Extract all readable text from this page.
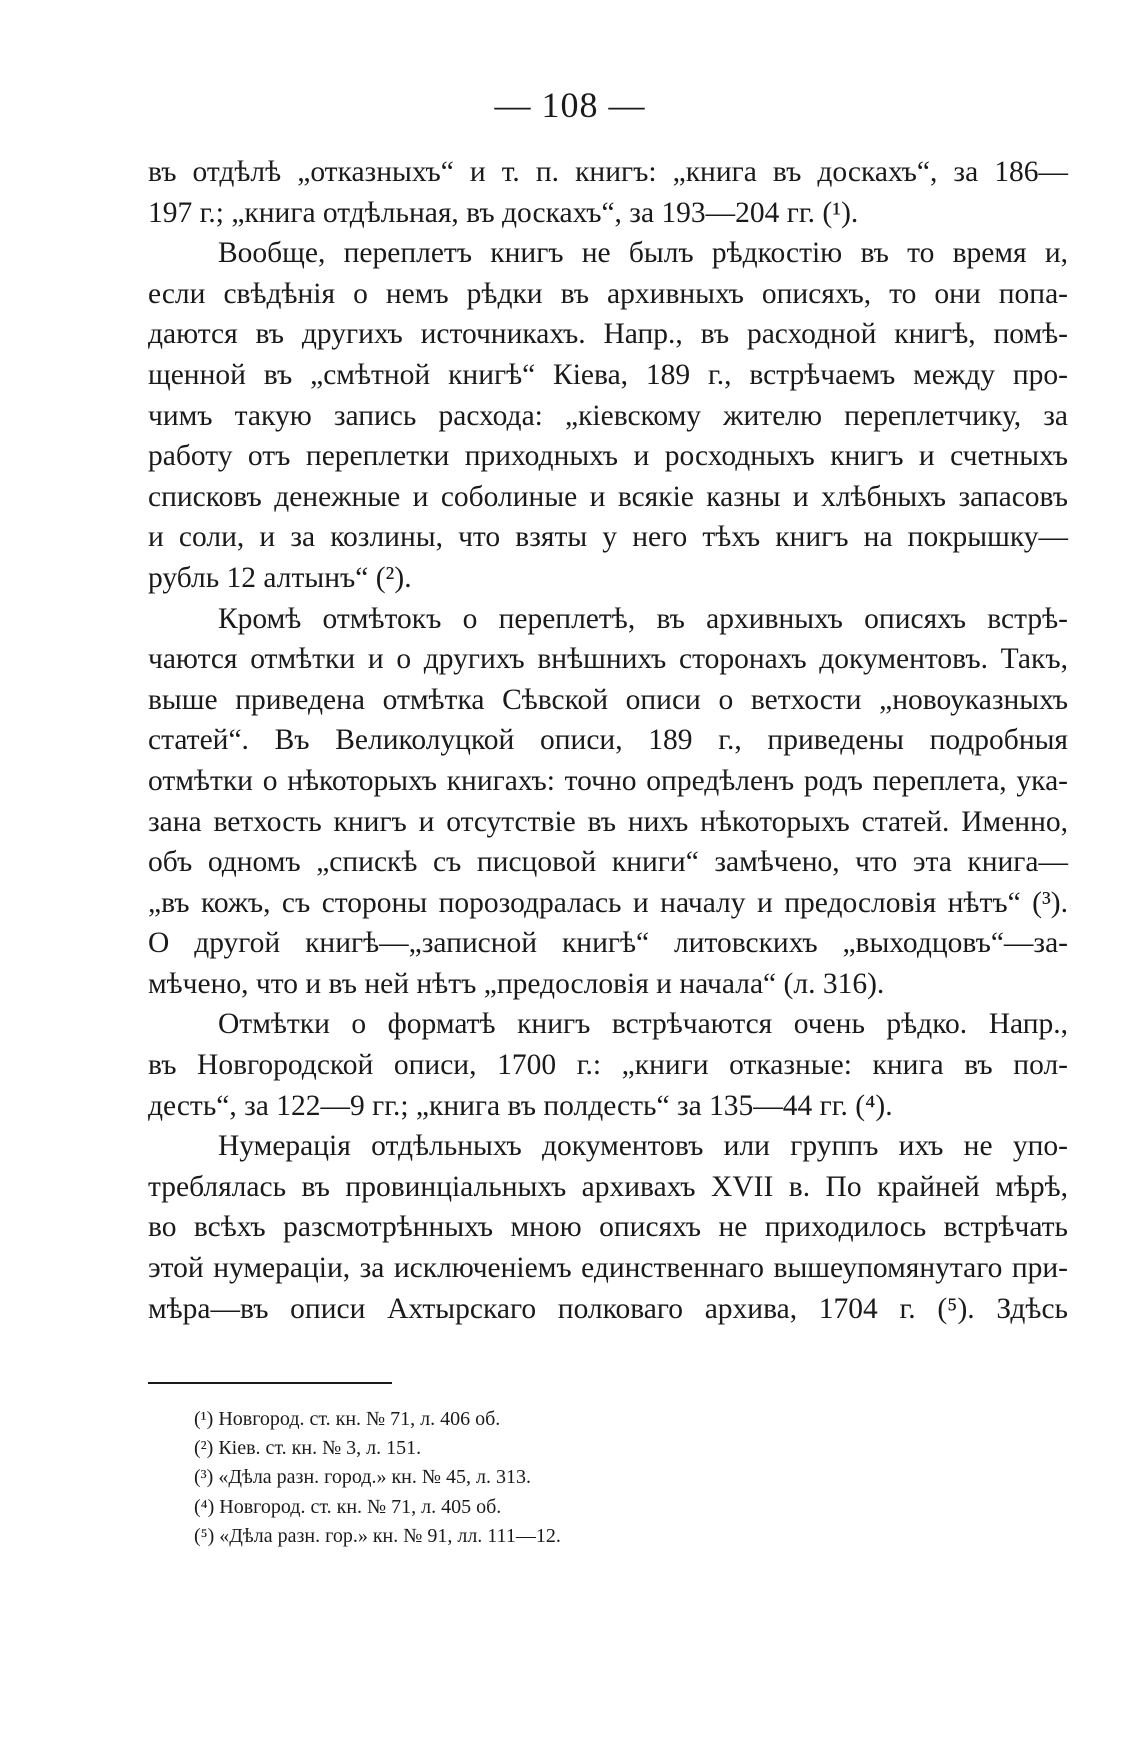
— 108 —
въ отдѣлѣ „отказныхъ“ и т. п. книгъ: „книга въ доскахъ“, за 186—
197 г.; „книга отдѣльная, въ доскахъ“, за 193—204 гг. (¹).
Вообще, переплетъ книгъ не былъ рѣдкостію въ то время и,
если свѣдѣнія о немъ рѣдки въ архивныхъ описяхъ, то они попа-
даются въ другихъ источникахъ. Напр., въ расходной книгѣ, помѣ-
щенной въ „смѣтной книгѣ“ Кіева, 189 г., встрѣчаемъ между про-
чимъ такую запись расхода: „кіевскому жителю переплетчику, за
работу отъ переплетки приходныхъ и росходныхъ книгъ и счетныхъ
списковъ денежные и соболиные и всякіе казны и хлѣбныхъ запасовъ
и соли, и за козлины, что взяты у него тѣхъ книгъ на покрышку—
рубль 12 алтынъ“ (²).
Кромѣ отмѣтокъ о переплетѣ, въ архивныхъ описяхъ встрѣ-
чаются отмѣтки и о другихъ внѣшнихъ сторонахъ документовъ. Такъ,
выше приведена отмѣтка Сѣвской описи о ветхости „новоуказныхъ
статей“. Въ Великолуцкой описи, 189 г., приведены подробныя
отмѣтки о нѣкоторыхъ книгахъ: точно опредѣленъ родъ переплета, ука-
зана ветхость книгъ и отсутствіе въ нихъ нѣкоторыхъ статей. Именно,
объ одномъ „спискѣ съ писцовой книги“ замѣчено, что эта книга—
„въ кожъ, съ стороны порозодралась и началу и предословія нѣтъ“ (³).
О другой книгѣ—„записной книгѣ“ литовскихъ „выходцовъ“—за-
мѣчено, что и въ ней нѣтъ „предословія и начала“ (л. 316).
Отмѣтки о форматѣ книгъ встрѣчаются очень рѣдко. Напр.,
въ Новгородской описи, 1700 г.: „книги отказные: книга въ пол-
десть“, за 122—9 гг.; „книга въ полдесть“ за 135—44 гг. (⁴).
Нумерація отдѣльныхъ документовъ или группъ ихъ не упо-
треблялась въ провинціальныхъ архивахъ XVII в. По крайней мѣрѣ,
во всѣхъ разсмотрѣнныхъ мною описяхъ не приходилось встрѣчать
этой нумераціи, за исключеніемъ единственнаго вышеупомянутаго при-
мѣра—въ описи Ахтырскаго полковаго архива, 1704 г. (⁵). Здѣсь
(¹) Новгород. ст. кн. № 71, л. 406 об.
(²) Кiев. ст. кн. № 3, л. 151.
(³) «Дѣла разн. город.» кн. № 45, л. 313.
(⁴) Новгород. ст. кн. № 71, л. 405 об.
(⁵) «Дѣла разн. гор.» кн. № 91, лл. 111—12.
